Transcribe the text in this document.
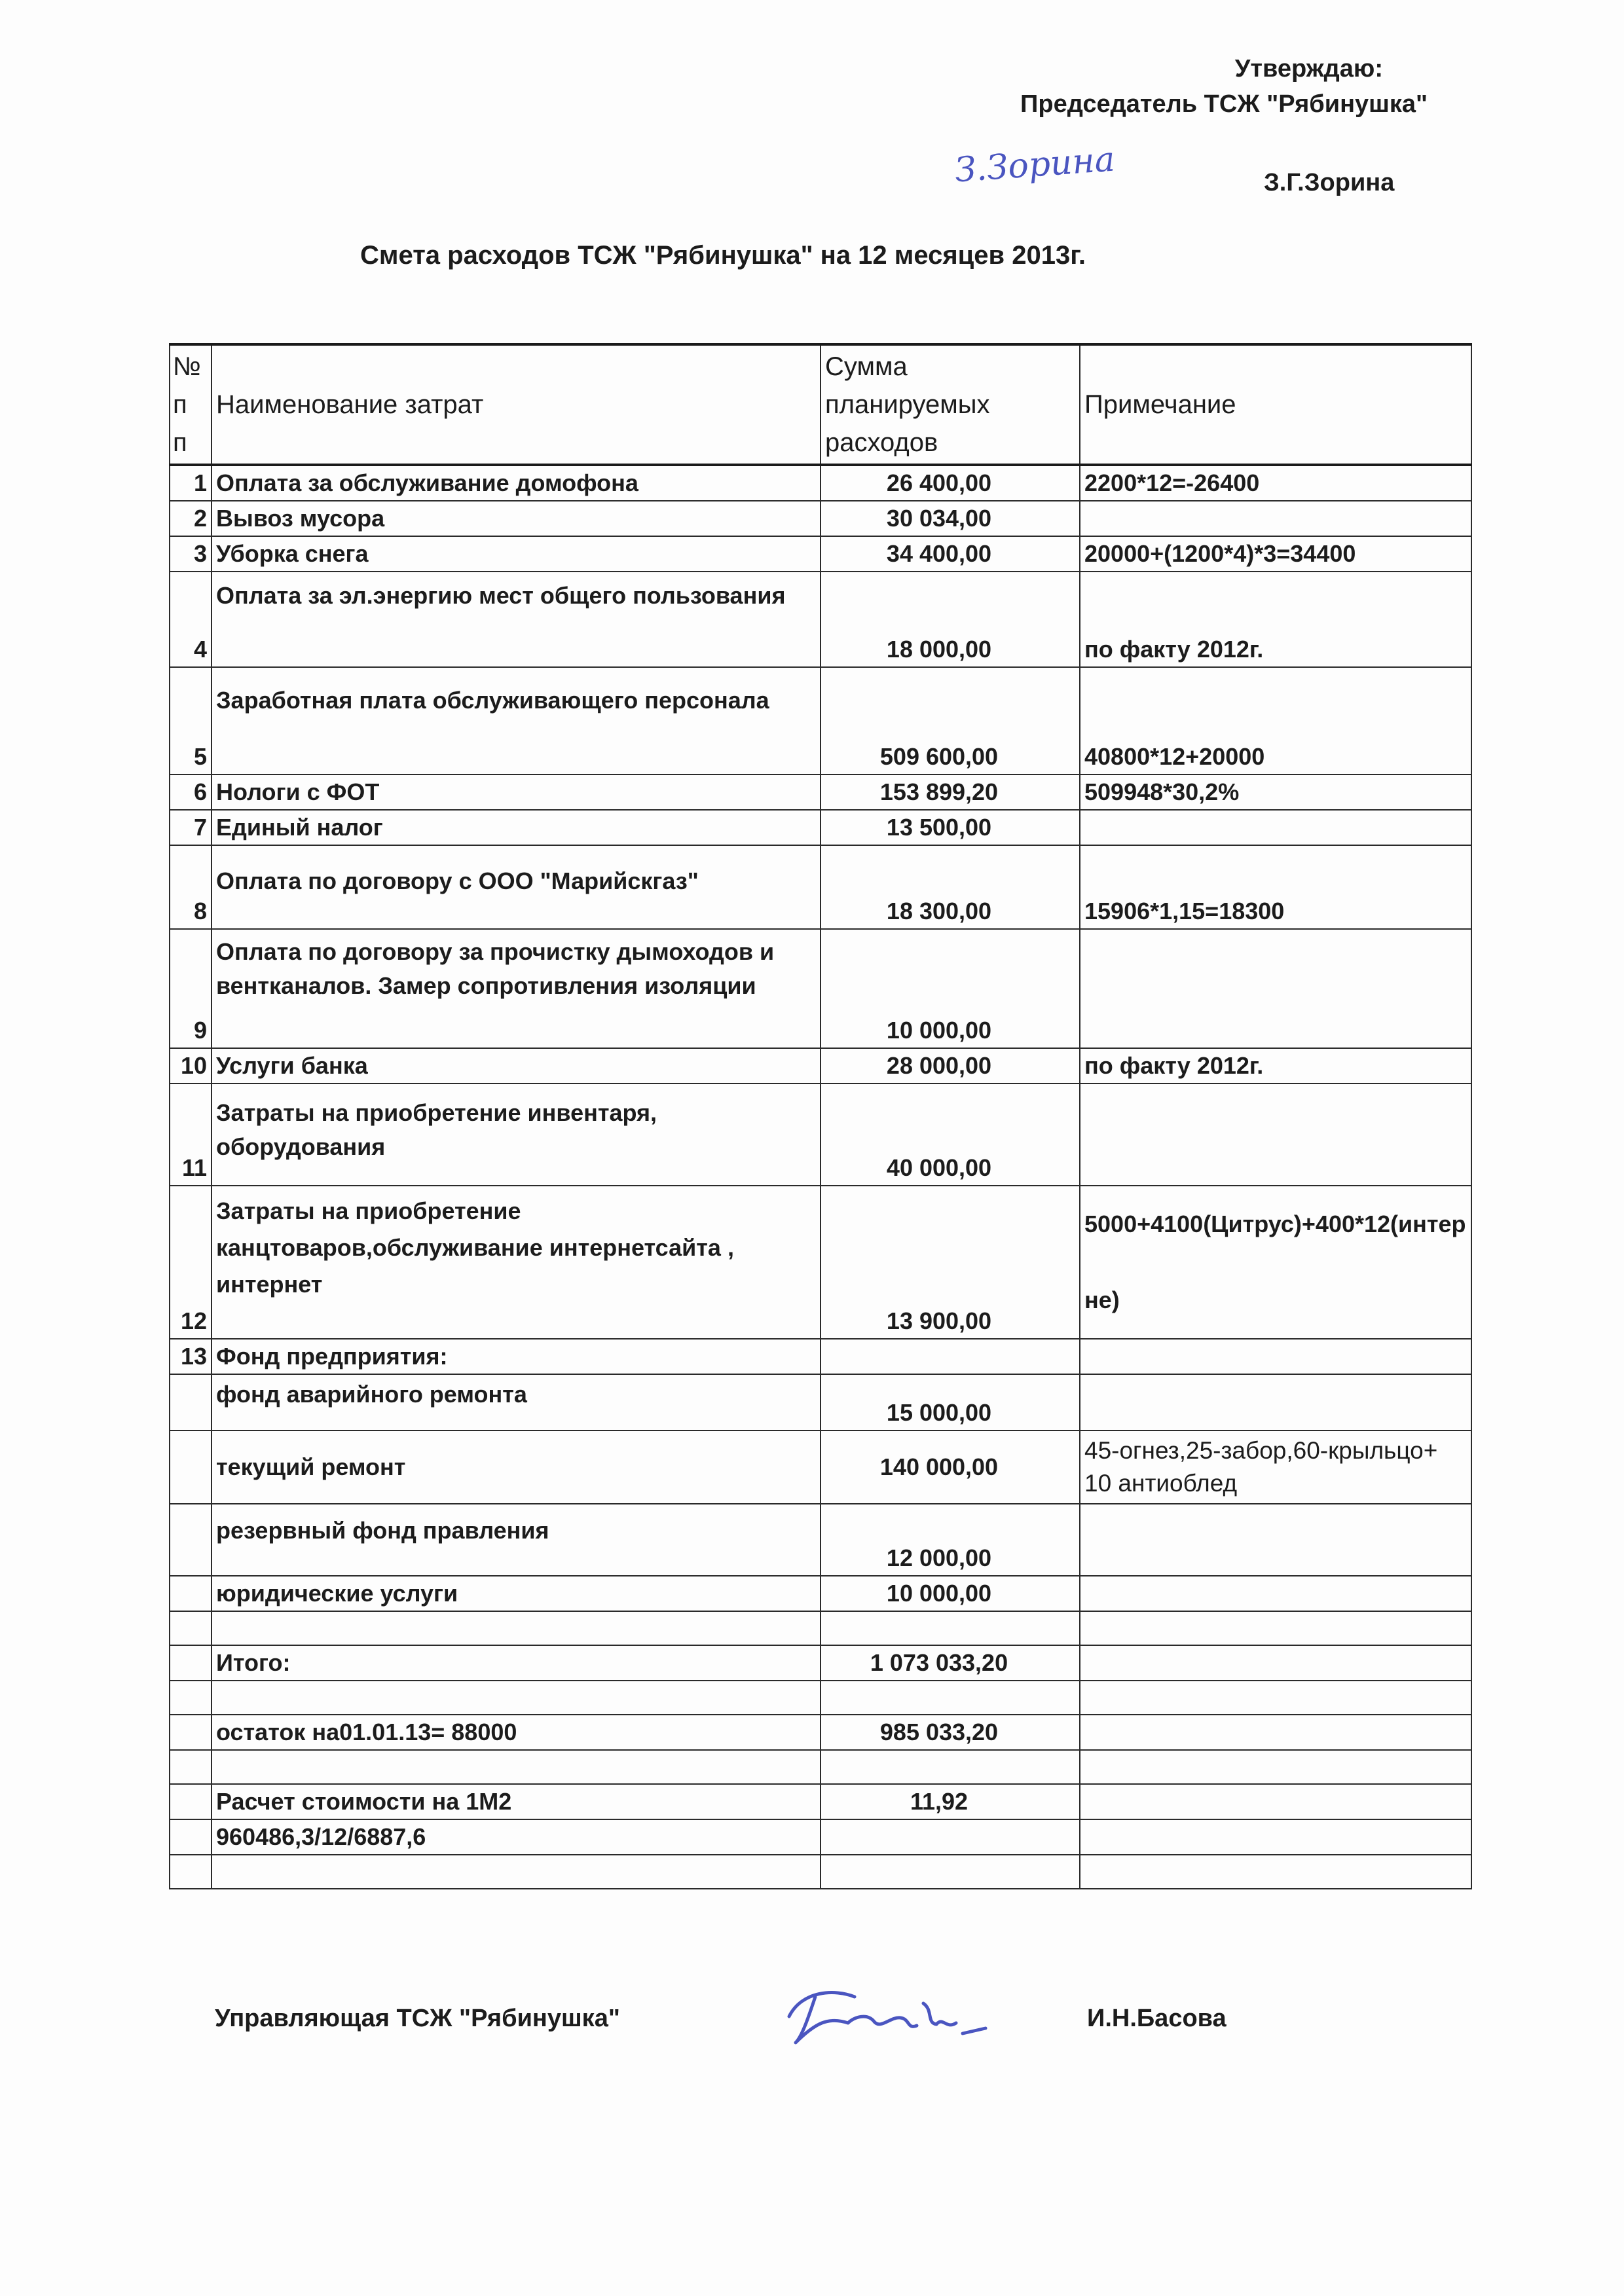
Утверждаю:
Председатель ТСЖ "Рябинушка"
З.Зорина	З.Г.Зорина
Смета расходов ТСЖ "Рябинушка" на 12 месяцев 2013г.
№ п п	Наименование затрат	Сумма планируемых расходов	Примечание
1	Оплата за обслуживание домофона	26 400,00	2200*12=-26400
2	Вывоз мусора	30 034,00	
3	Уборка снега	34 400,00	20000+(1200*4)*3=34400
4	Оплата за эл.энергию мест общего пользования	18 000,00	по факту 2012г.
5	Заработная плата обслуживающего персонала	509 600,00	40800*12+20000
6	Нологи с ФОТ	153 899,20	509948*30,2%
7	Единый налог	13 500,00	
8	Оплата по договору с ООО "Марийскгаз"	18 300,00	15906*1,15=18300
9	Оплата по договору за прочистку дымоходов и вентканалов. Замер сопротивления изоляции	10 000,00	
10	Услуги банка	28 000,00	по факту 2012г.
11	Затраты на приобретение инвентаря, оборудования	40 000,00	
12	Затраты на приобретение канцтоваров,обслуживание интернетсайта , интернет	13 900,00	5000+4100(Цитрус)+400*12(интерне)
13	Фонд предприятия:		
	фонд аварийного ремонта	15 000,00	
	текущий ремонт	140 000,00	45-огнез,25-забор,60-крыльцо+ 10 антиоблед
	резервный фонд правления	12 000,00	
	юридические услуги	10 000,00	

	Итого:	1 073 033,20	

	остаток на01.01.13= 88000	985 033,20	

	Расчет стоимости на 1М2	11,92	
	960486,3/12/6887,6		

Управляющая ТСЖ "Рябинушка"	И.Н.Басова
